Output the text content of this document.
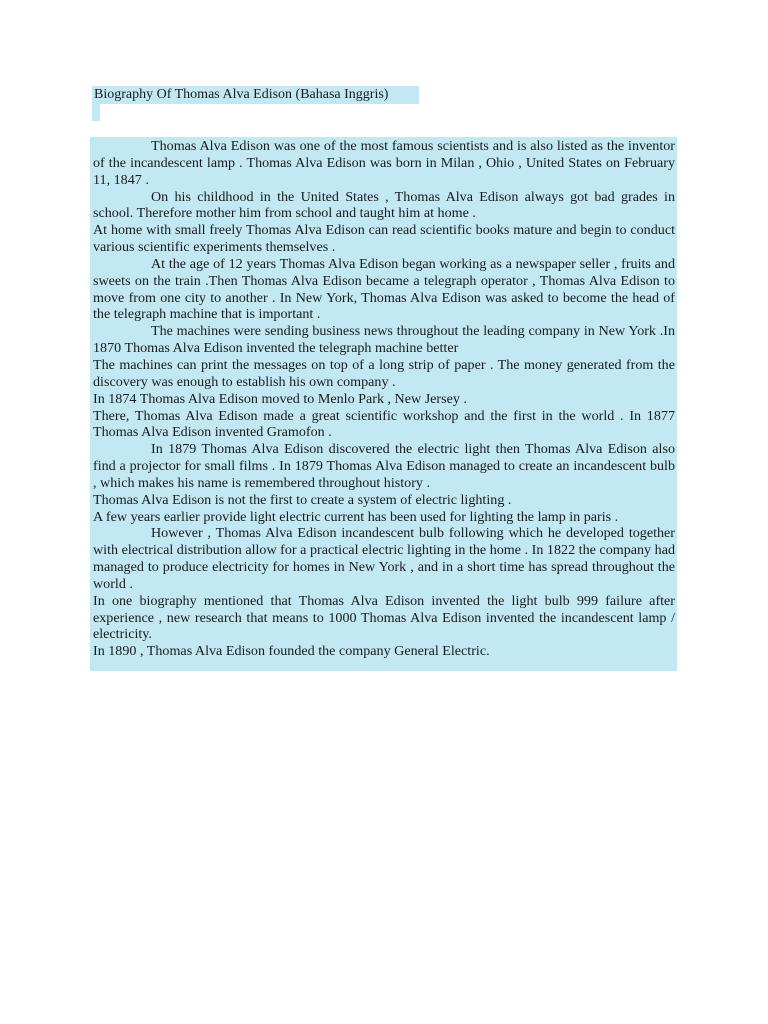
Biography Of Thomas Alva Edison (Bahasa Inggris)

Thomas Alva Edison was one of the most famous scientists and is also listed as the inventor of the incandescent lamp . Thomas Alva Edison was born in Milan , Ohio , United States on February 11, 1847 .

On his childhood in the United States , Thomas Alva Edison always got bad grades in school. Therefore mother him from school and taught him at home .

At home with small freely Thomas Alva Edison can read scientific books mature and begin to conduct various scientific experiments themselves .

At the age of 12 years Thomas Alva Edison began working as a newspaper seller , fruits and sweets on the train .Then Thomas Alva Edison became a telegraph operator , Thomas Alva Edison to move from one city to another . In New York, Thomas Alva Edison was asked to become the head of the telegraph machine that is important .

The machines were sending business news throughout the leading company in New York .In 1870 Thomas Alva Edison invented the telegraph machine better

The machines can print the messages on top of a long strip of paper . The money generated from the discovery was enough to establish his own company .

In 1874 Thomas Alva Edison moved to Menlo Park , New Jersey .

There, Thomas Alva Edison made a great scientific workshop and the first in the world . In 1877 Thomas Alva Edison invented Gramofon .

In 1879 Thomas Alva Edison discovered the electric light then Thomas Alva Edison also find a projector for small films . In 1879 Thomas Alva Edison managed to create an incandescent bulb , which makes his name is remembered throughout history .

Thomas Alva Edison is not the first to create a system of electric lighting .

A few years earlier provide light electric current has been used for lighting the lamp in paris .

However , Thomas Alva Edison incandescent bulb following which he developed together with electrical distribution allow for a practical electric lighting in the home . In 1822 the company had managed to produce electricity for homes in New York , and in a short time has spread throughout the world .

In one biography mentioned that Thomas Alva Edison invented the light bulb 999 failure after experience , new research that means to 1000 Thomas Alva Edison invented the incandescent lamp / electricity.

In 1890 , Thomas Alva Edison founded the company General Electric.
